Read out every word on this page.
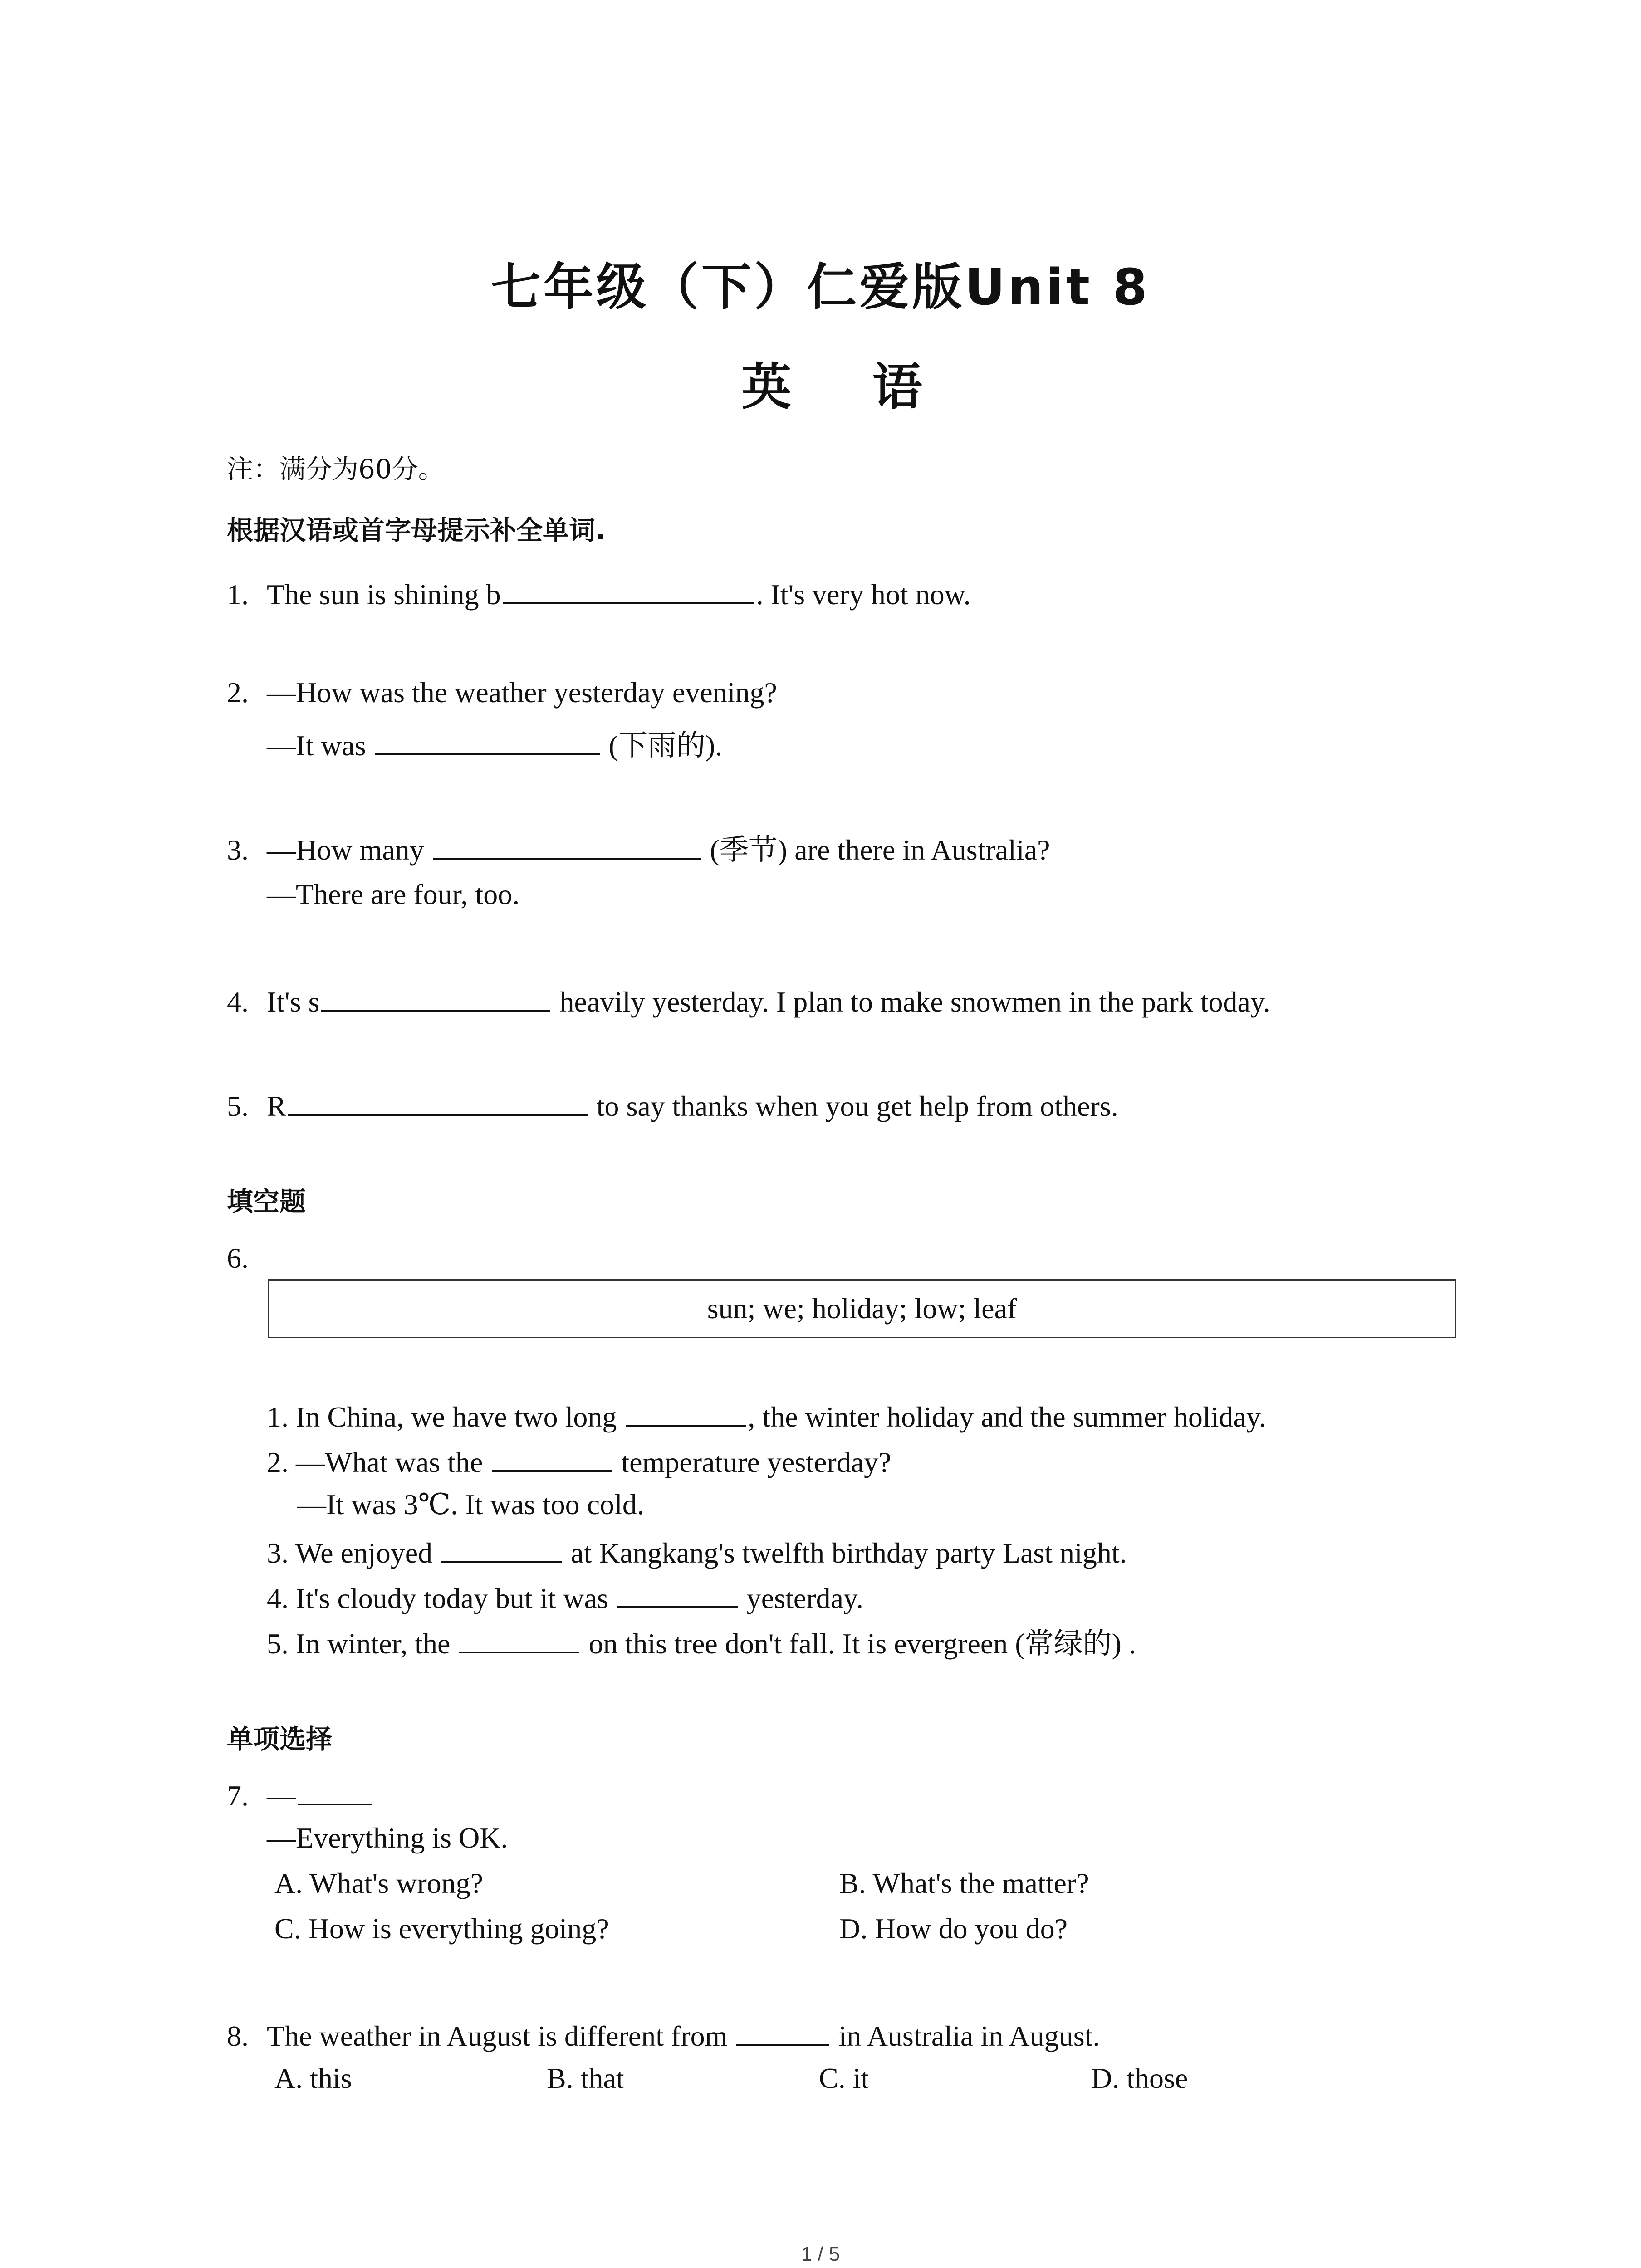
七年级（下）仁爱版Unit 8
英 语
注：满分为60分。
根据汉语或首字母提示补全单词.
1. The sun is shining b	. It's very hot now.
2. —How was the weather yesterday evening?
—It was	(下雨的).
3. —How many	(季节) are there in Australia?
—There are four, too.
4. It's s	heavily yesterday. I plan to make snowmen in the park today.
5. R	to say thanks when you get help from others.
填空题
6.
sun; we; holiday; low; leaf
1. In China, we have two long	, the winter holiday and the summer holiday.
2. —What was the	temperature yesterday?
—It was 3℃. It was too cold.
3. We enjoyed	at Kangkang's twelfth birthday party Last night.
4. It's cloudy today but it was	yesterday.
5. In winter, the	on this tree don't fall. It is evergreen (常绿的) .
单项选择
7. —
—Everything is OK.
A. What's wrong?	B. What's the matter?
C. How is everything going?	D. How do you do?
8. The weather in August is different from	in Australia in August.
A. this	B. that	C. it	D. those
1 / 5
